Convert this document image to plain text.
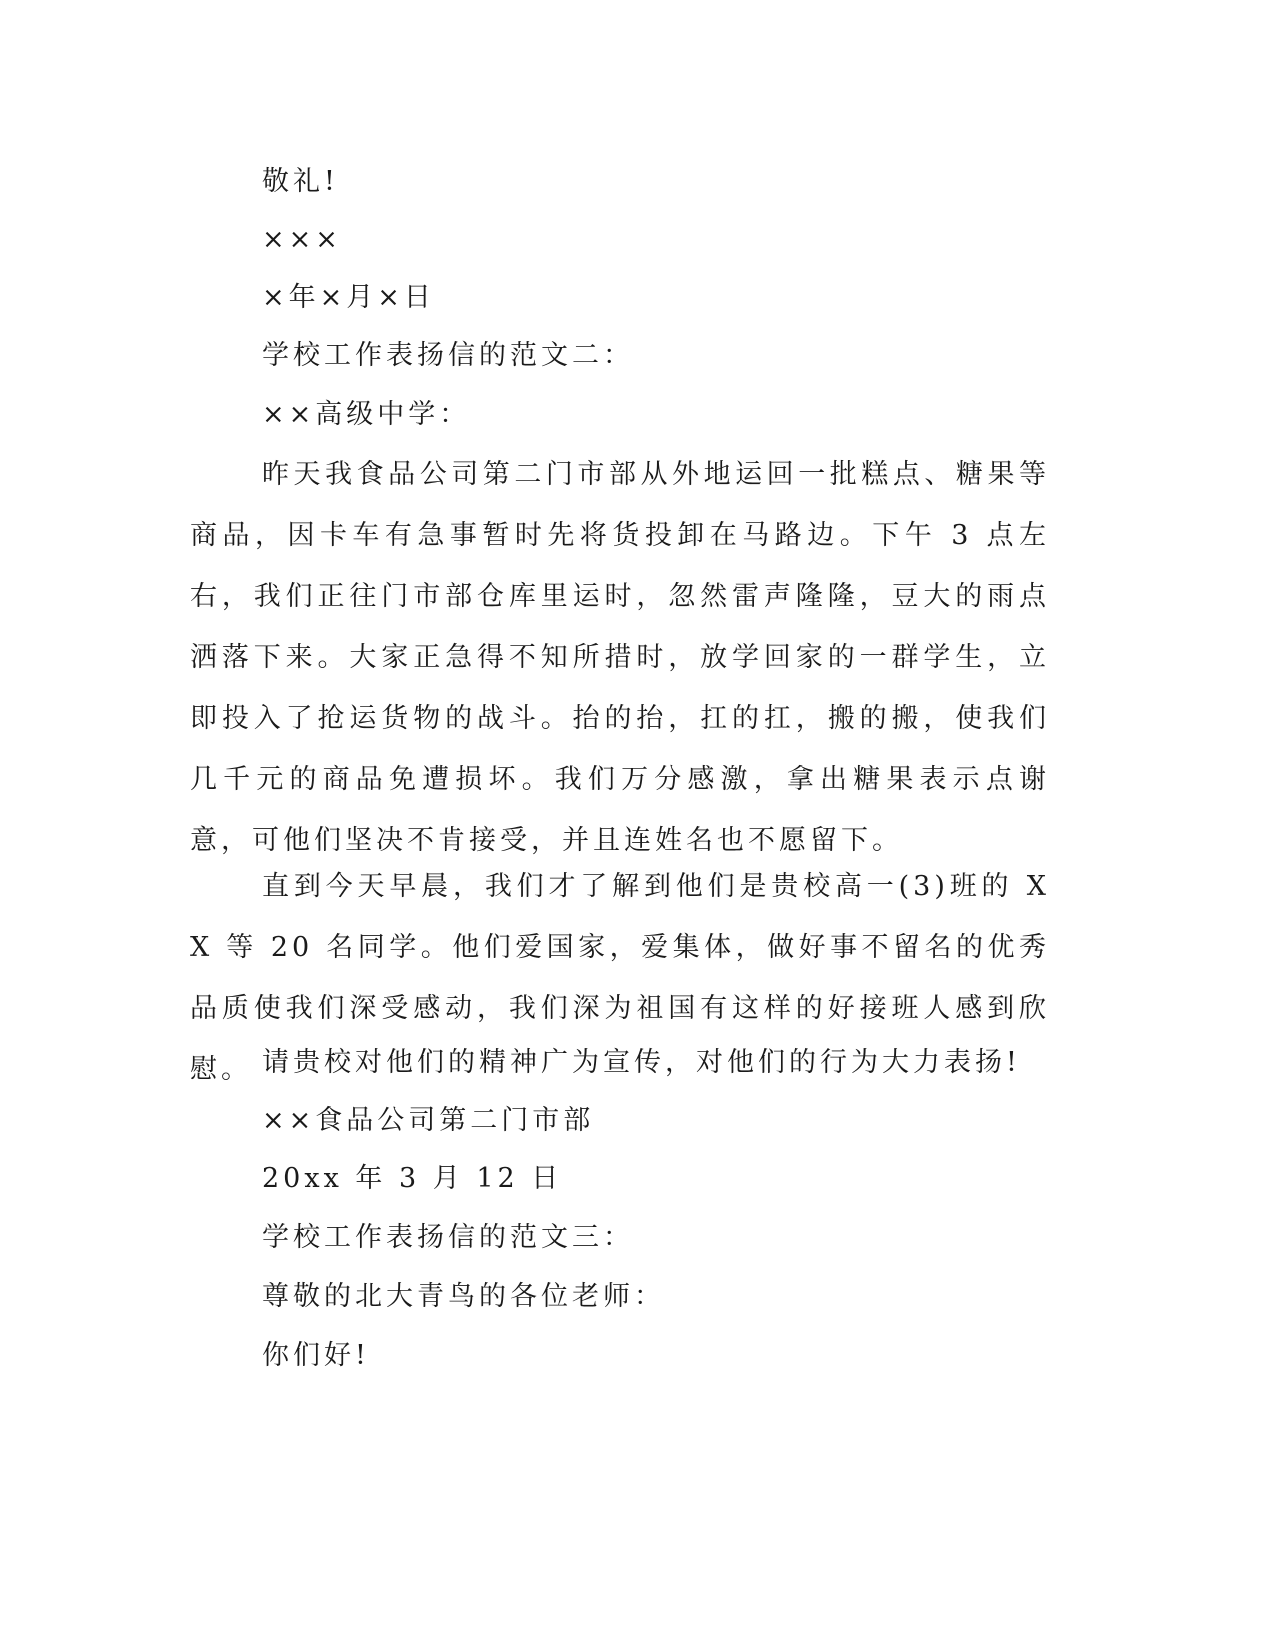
敬礼!
×××
×年×月×日
学校工作表扬信的范文二：
××高级中学：

昨天我食品公司第二门市部从外地运回一批糕点、糖果等商品，因卡车有急事暂时先将货投卸在马路边。下午 3 点左右，我们正往门市部仓库里运时，忽然雷声隆隆，豆大的雨点洒落下来。大家正急得不知所措时，放学回家的一群学生，立即投入了抢运货物的战斗。抬的抬，扛的扛，搬的搬，使我们几千元的商品免遭损坏。我们万分感激，拿出糖果表示点谢意，可他们坚决不肯接受，并且连姓名也不愿留下。

直到今天早晨，我们才了解到他们是贵校高一(3)班的 XX 等 20 名同学。他们爱国家，爱集体，做好事不留名的优秀品质使我们深受感动，我们深为祖国有这样的好接班人感到欣慰。 请贵校对他们的精神广为宣传，对他们的行为大力表扬!
××食品公司第二门市部
20xx 年 3 月 12 日
学校工作表扬信的范文三：
尊敬的北大青鸟的各位老师：
你们好!
